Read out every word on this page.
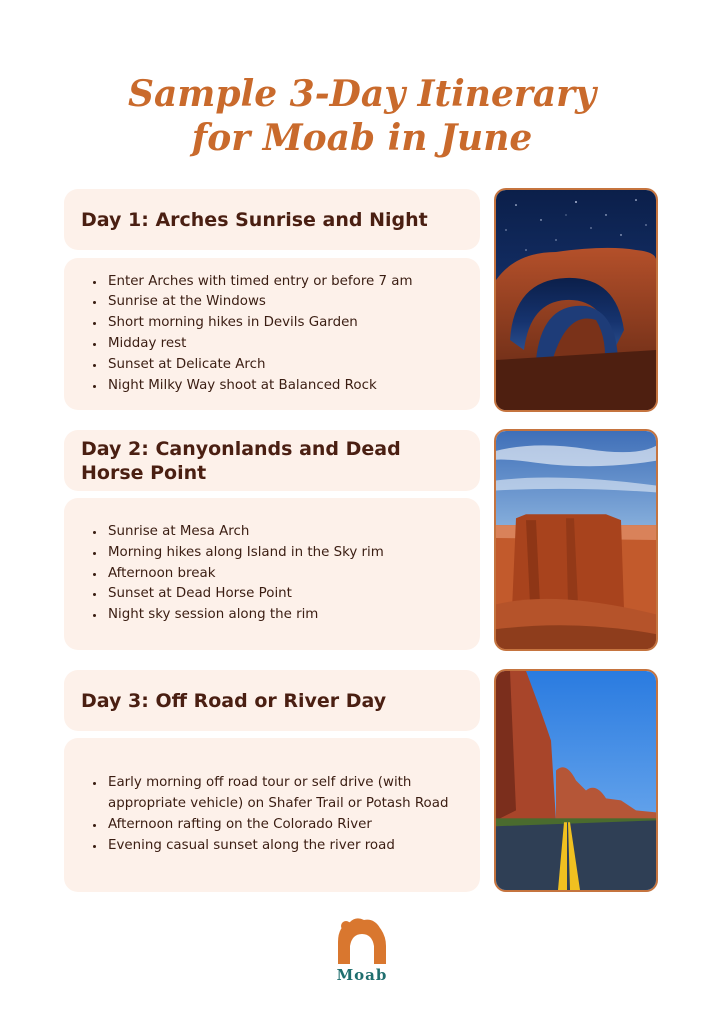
Sample 3-Day Itinerary
for Moab in June
Day 1: Arches Sunrise and Night
• Enter Arches with timed entry or before 7 am
• Sunrise at the Windows
• Short morning hikes in Devils Garden
• Midday rest
• Sunset at Delicate Arch
• Night Milky Way shoot at Balanced Rock
Day 2: Canyonlands and Dead
Horse Point
• Sunrise at Mesa Arch
• Morning hikes along Island in the Sky rim
• Afternoon break
• Sunset at Dead Horse Point
• Night sky session along the rim
Day 3: Off Road or River Day
• Early morning off road tour or self drive (with
appropriate vehicle) on Shafer Trail or Potash Road
• Afternoon rafting on the Colorado River
• Evening casual sunset along the river road
Moab
